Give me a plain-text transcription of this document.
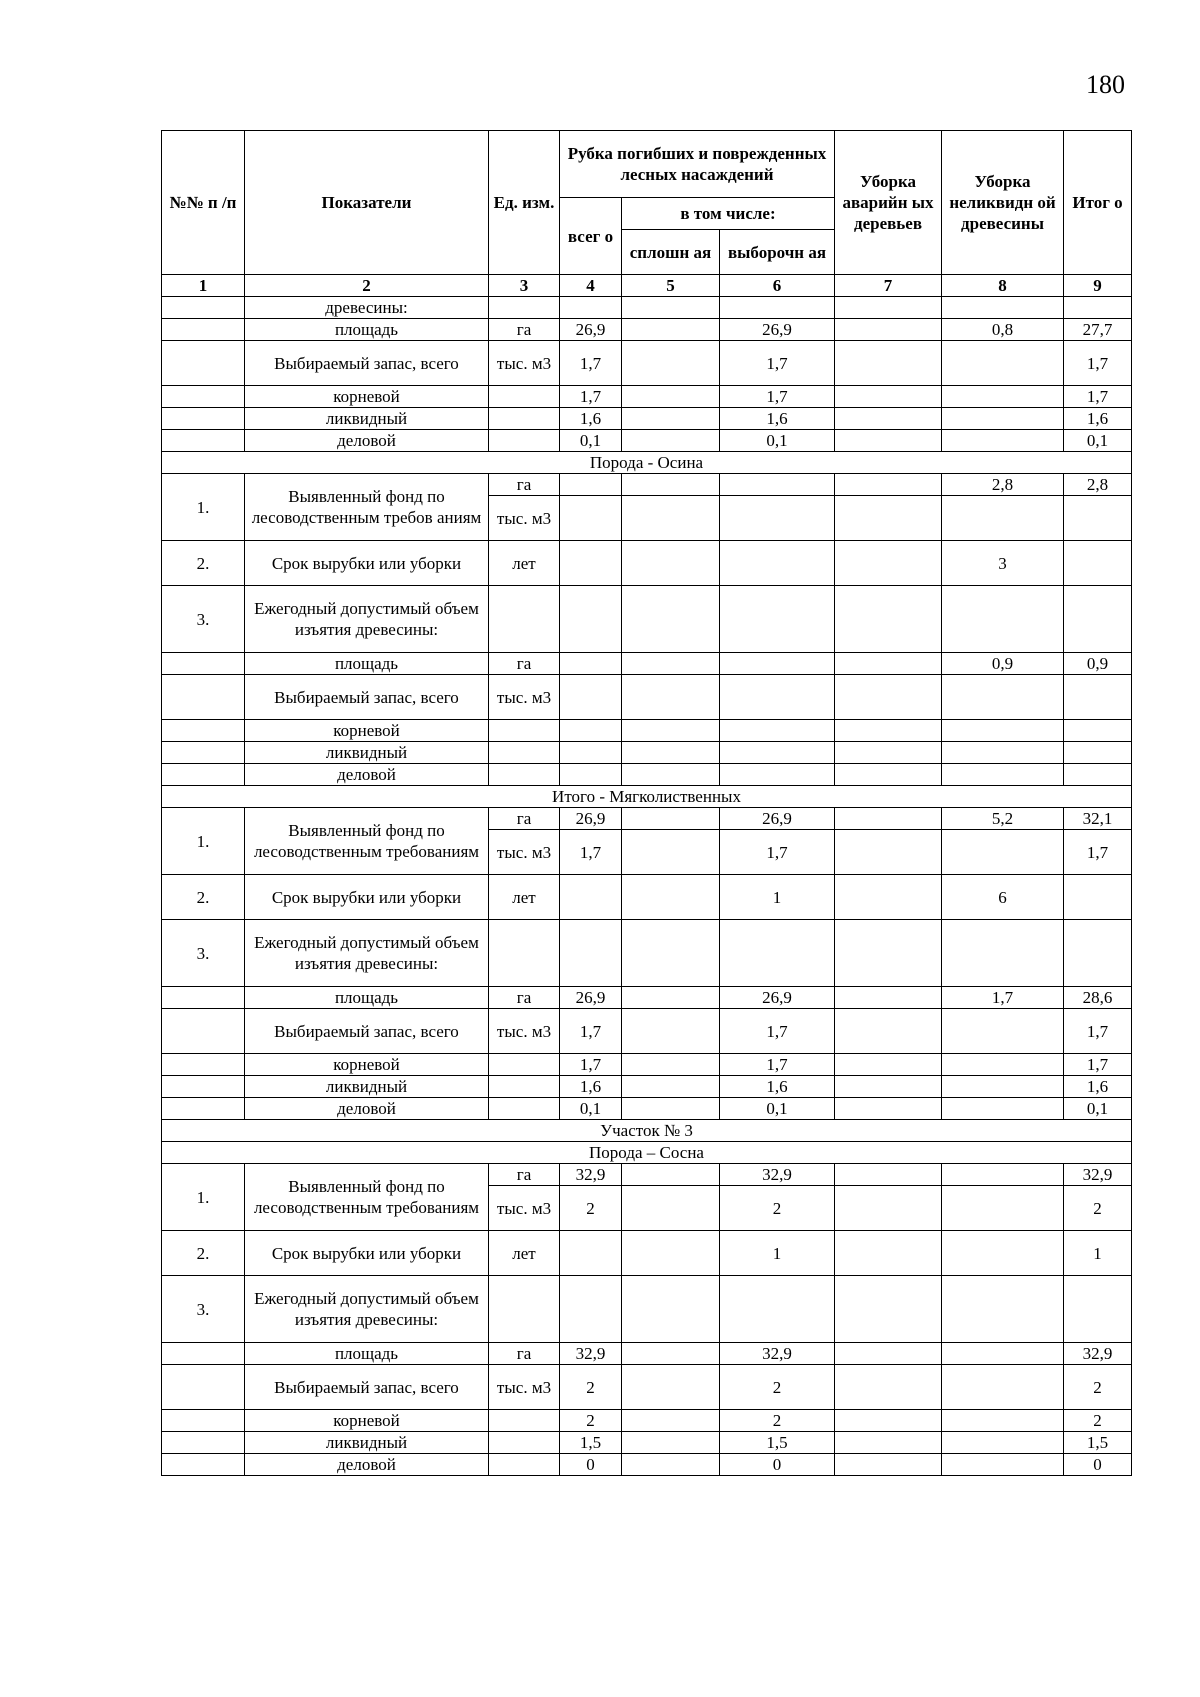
180
№№ п /п	Показатели	Ед. изм.	Рубка погибших и поврежденных лесных насаждений			Уборка аварийн ых деревьев	Уборка неликвидн ой древесины	Итог о
			всег о	в том числе:				
				сплошн ая	выборочн ая			
1	2	3	4	5	6	7	8	9
	древесины:							
	площадь	га	26,9		26,9		0,8	27,7
	Выбираемый запас, всего	тыс. м3	1,7		1,7			1,7
	корневой		1,7		1,7			1,7
	ликвидный		1,6		1,6			1,6
	деловой		0,1		0,1			0,1
Порода - Осина								
1.	Выявленный фонд по лесоводственным требов аниям	га					2,8	2,8
		тыс. м3						
2.	Срок вырубки или уборки	лет					3	
3.	Ежегодный допустимый объем изъятия древесины:							
	площадь	га					0,9	0,9
	Выбираемый запас, всего	тыс. м3						
	корневой							
	ликвидный							
	деловой							
Итого - Мягколиственных								
1.	Выявленный фонд по лесоводственным требованиям	га	26,9		26,9		5,2	32,1
		тыс. м3	1,7		1,7			1,7
2.	Срок вырубки или уборки	лет			1		6	
3.	Ежегодный допустимый объем изъятия древесины:							
	площадь	га	26,9		26,9		1,7	28,6
	Выбираемый запас, всего	тыс. м3	1,7		1,7			1,7
	корневой		1,7		1,7			1,7
	ликвидный		1,6		1,6			1,6
	деловой		0,1		0,1			0,1
Участок № 3								
Порода – Сосна								
1.	Выявленный фонд по лесоводственным требованиям	га	32,9		32,9			32,9
		тыс. м3	2		2			2
2.	Срок вырубки или уборки	лет			1			1
3.	Ежегодный допустимый объем изъятия древесины:							
	площадь	га	32,9		32,9			32,9
	Выбираемый запас, всего	тыс. м3	2		2			2
	корневой		2		2			2
	ликвидный		1,5		1,5			1,5
	деловой		0		0			0
